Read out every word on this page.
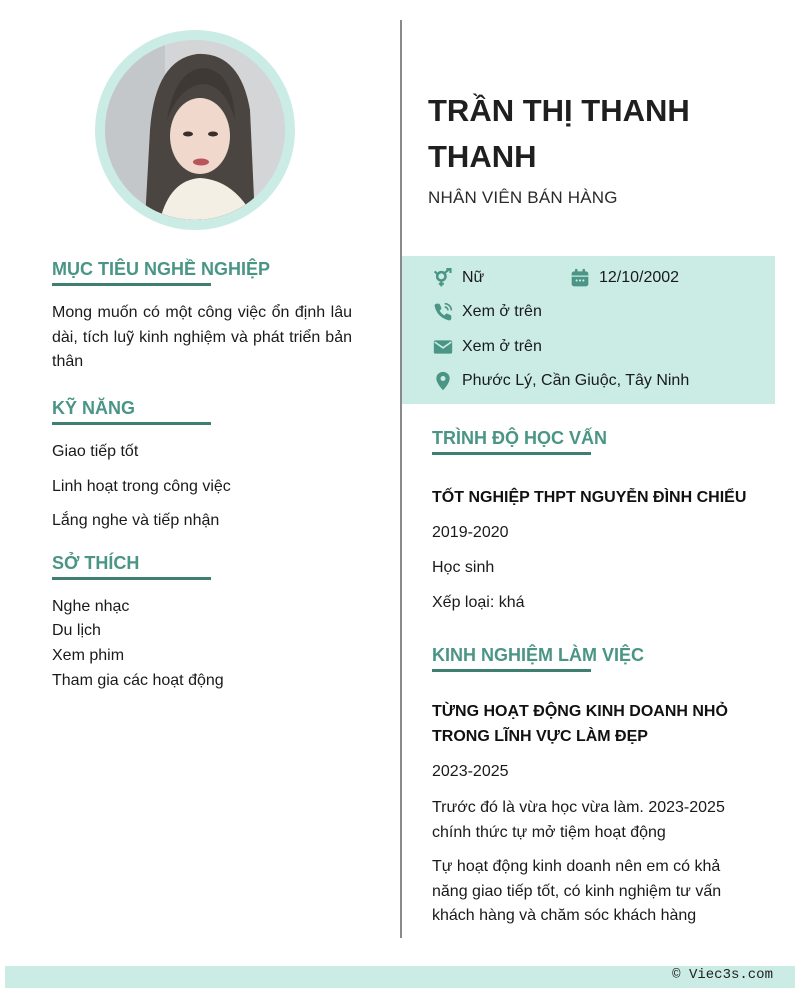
MỤC TIÊU NGHỀ NGHIỆP
Mong muốn có một công việc ổn định lâu dài, tích luỹ kinh nghiệm và phát triển bản thân
KỸ NĂNG
Giao tiếp tốt
Linh hoạt trong công việc
Lắng nghe và tiếp nhận
SỞ THÍCH
Nghe nhạc
Du lịch
Xem phim
Tham gia các hoạt động
TRẦN THỊ THANH THANH
NHÂN VIÊN BÁN HÀNG
Nữ	12/10/2002
Xem ở trên
Xem ở trên
Phước Lý, Cần Giuộc, Tây Ninh
TRÌNH ĐỘ HỌC VẤN
TỐT NGHIỆP THPT NGUYỄN ĐÌNH CHIỂU
2019-2020
Học sinh
Xếp loại: khá
KINH NGHIỆM LÀM VIỆC
TỪNG HOẠT ĐỘNG KINH DOANH NHỎ TRONG LĨNH VỰC LÀM ĐẸP
2023-2025
Trước đó là vừa học vừa làm. 2023-2025 chính thức tự mở tiệm hoạt động
Tự hoạt động kinh doanh nên em có khả năng giao tiếp tốt, có kinh nghiệm tư vấn khách hàng và chăm sóc khách hàng
© Viec3s.com
